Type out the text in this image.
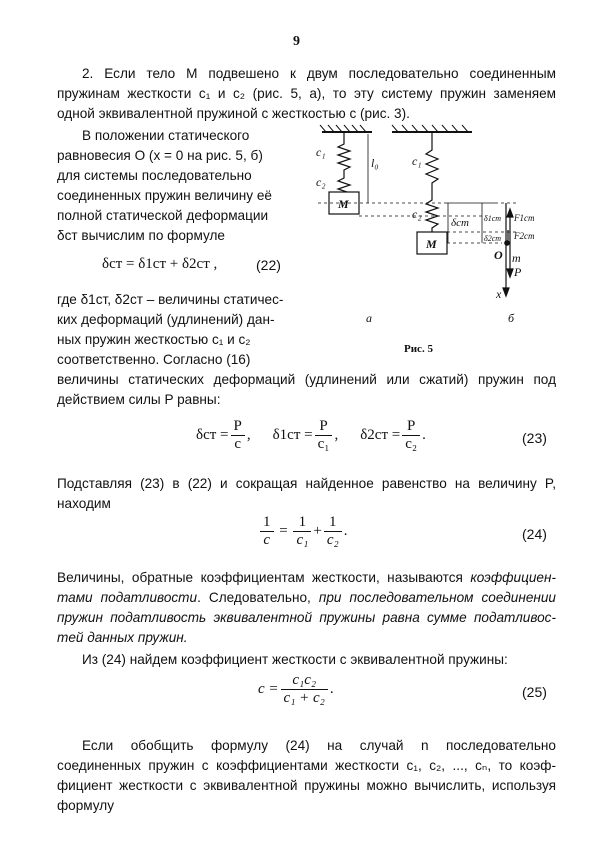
9
2. Если тело M подвешено к двум последовательно соединенным
пружинам жесткости c₁ и c₂ (рис. 5, а), то эту систему пружин заменяем
одной эквивалентной пружиной с жесткостью c (рис. 3).
В положении статического
равновесия O (x = 0 на рис. 5, б)
для системы последовательно
соединенных пружин величину её
полной статической деформации
δст вычислим по формуле
δст = δ1ст + δ2ст ,	(22)
где δ1ст, δ2ст – величины статичес-
ких деформаций (удлинений) дан-
ных пружин жесткостью c₁ и c₂
соответственно. Согласно (16)
величины статических деформаций (удлинений или сжатий) пружин под
действием силы P равны:
c₁
c₂
M
l₀	c₁
c₂
M
δст δ1ст
δ2ст
O m
F1ст
F2ст
P
x
а	б
Рис. 5
$\delta ст = \frac{P}{c}$ , $\delta 1ст = \frac{P}{\text{c₁}}$ , $\delta 2ст = \frac{P}{\text{c₂}}$ .	(23)
Подставляя (23) в (22) и сокращая найденное равенство на величину P,
находим
$\frac{1}{c} = \frac{1}{\text{c₁}} + \frac{1}{\text{c₂}}$ .	(24)
Величины, обратные коэффициентам жесткости, называются коэффициен-
тами податливости. Следовательно, при последовательном соединении
пружин податливость эквивалентной пружины равна сумме податливос-
тей данных пружин.
Из (24) найдем коэффициент жесткости c эквивалентной пружины:
$c = \frac{\text{c₁c₂}}{\text{c₁ + c₂}}$ .	(25)
Если обобщить формулу (24) на случай n последовательно
соединенных пружин с коэффициентами жесткости c₁, c₂, ..., cₙ, то коэф-
фициент жесткости c эквивалентной пружины можно вычислить, используя
формулу
